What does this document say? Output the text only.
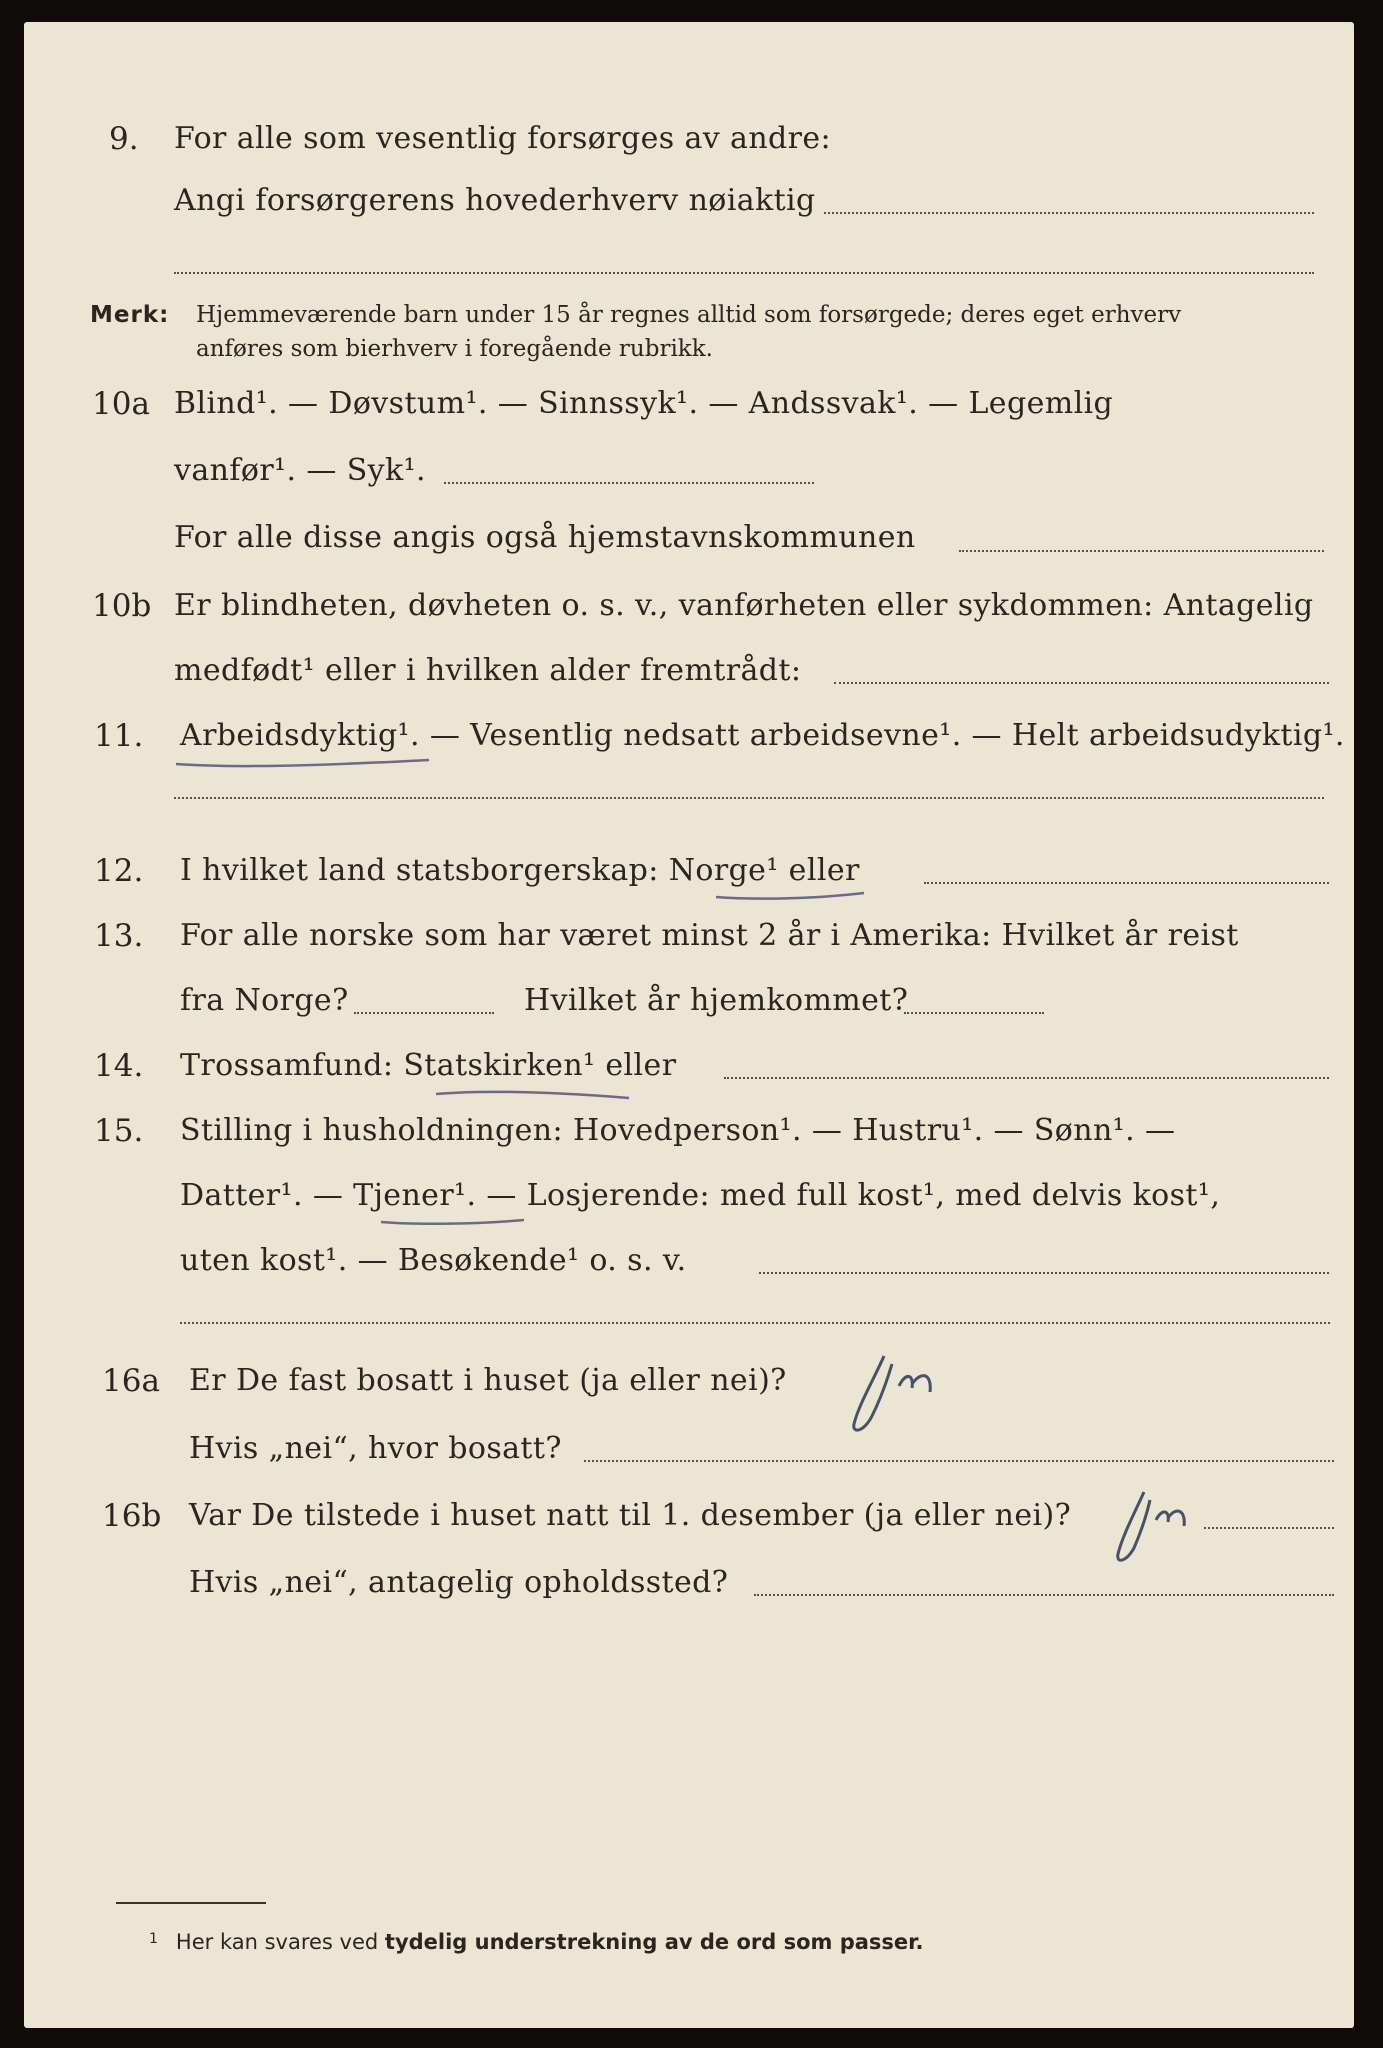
9. For alle som vesentlig forsørges av andre:
Angi forsørgerens hovederhverv nøiaktig
Merk: Hjemmeværende barn under 15 år regnes alltid som forsørgede; deres eget erhverv
anføres som bierhverv i foregående rubrikk.
10a Blind¹. — Døvstum¹. — Sinnssyk¹. — Andssvak¹. — Legemlig
vanfør¹. — Syk¹.
For alle disse angis også hjemstavnskommunen
10b Er blindheten, døvheten o. s. v., vanførheten eller sykdommen: Antagelig
medfødt¹ eller i hvilken alder fremtrådt:
11. Arbeidsdyktig¹. — Vesentlig nedsatt arbeidsevne¹. — Helt arbeidsudyktig¹.
12. I hvilket land statsborgerskap: Norge¹ eller
13. For alle norske som har været minst 2 år i Amerika: Hvilket år reist
fra Norge?	Hvilket år hjemkommet?
14. Trossamfund: Statskirken¹ eller
15. Stilling i husholdningen: Hovedperson¹. — Hustru¹. — Sønn¹. —
Datter¹. — Tjener¹. — Losjerende: med full kost¹, med delvis kost¹,
uten kost¹. — Besøkende¹ o. s. v.
16a Er De fast bosatt i huset (ja eller nei)?
Hvis „nei“, hvor bosatt?
16b Var De tilstede i huset natt til 1. desember (ja eller nei)?
Hvis „nei“, antagelig opholdssted?
$^1$ Her kan svares ved tydelig understrekning av de ord som passer.
